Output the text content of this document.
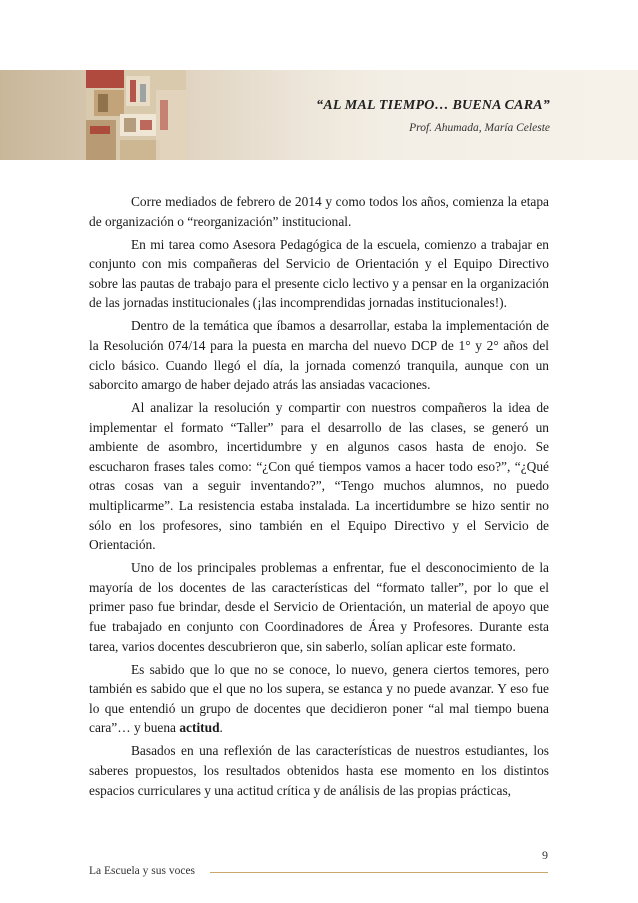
“AL MAL TIEMPO… BUENA CARA”
Prof. Ahumada, María Celeste

Corre mediados de febrero de 2014 y como todos los años, comienza la etapa de organización o “reorganización” institucional.

En mi tarea como Asesora Pedagógica de la escuela, comienzo a trabajar en conjunto con mis compañeras del Servicio de Orientación y el Equipo Directivo sobre las pautas de trabajo para el presente ciclo lectivo y a pensar en la organización de las jornadas institucionales (¡las incomprendidas jornadas institucionales!).

Dentro de la temática que íbamos a desarrollar, estaba la implementación de la Resolución 074/14 para la puesta en marcha del nuevo DCP de 1° y 2° años del ciclo básico. Cuando llegó el día, la jornada comenzó tranquila, aunque con un saborcito amargo de haber dejado atrás las ansiadas vacaciones.

Al analizar la resolución y compartir con nuestros compañeros la idea de implementar el formato “Taller” para el desarrollo de las clases, se generó un ambiente de asombro, incertidumbre y en algunos casos hasta de enojo. Se escucharon frases tales como: “¿Con qué tiempos vamos a hacer todo eso?”, “¿Qué otras cosas van a seguir inventando?”, “Tengo muchos alumnos, no puedo multiplicarme”. La resistencia estaba instalada. La incertidumbre se hizo sentir no sólo en los profesores, sino también en el Equipo Directivo y el Servicio de Orientación.

Uno de los principales problemas a enfrentar, fue el desconocimiento de la mayoría de los docentes de las características del “formato taller”, por lo que el primer paso fue brindar, desde el Servicio de Orientación, un material de apoyo que fue trabajado en conjunto con Coordinadores de Área y Profesores. Durante esta tarea, varios docentes descubrieron que, sin saberlo, solían aplicar este formato.

Es sabido que lo que no se conoce, lo nuevo, genera ciertos temores, pero también es sabido que el que no los supera, se estanca y no puede avanzar. Y eso fue lo que entendió un grupo de docentes que decidieron poner “al mal tiempo buena cara”… y buena actitud.

Basados en una reflexión de las características de nuestros estudiantes, los saberes propuestos, los resultados obtenidos hasta ese momento en los distintos espacios curriculares y una actitud crítica y de análisis de las propias prácticas,

9
La Escuela y sus voces
